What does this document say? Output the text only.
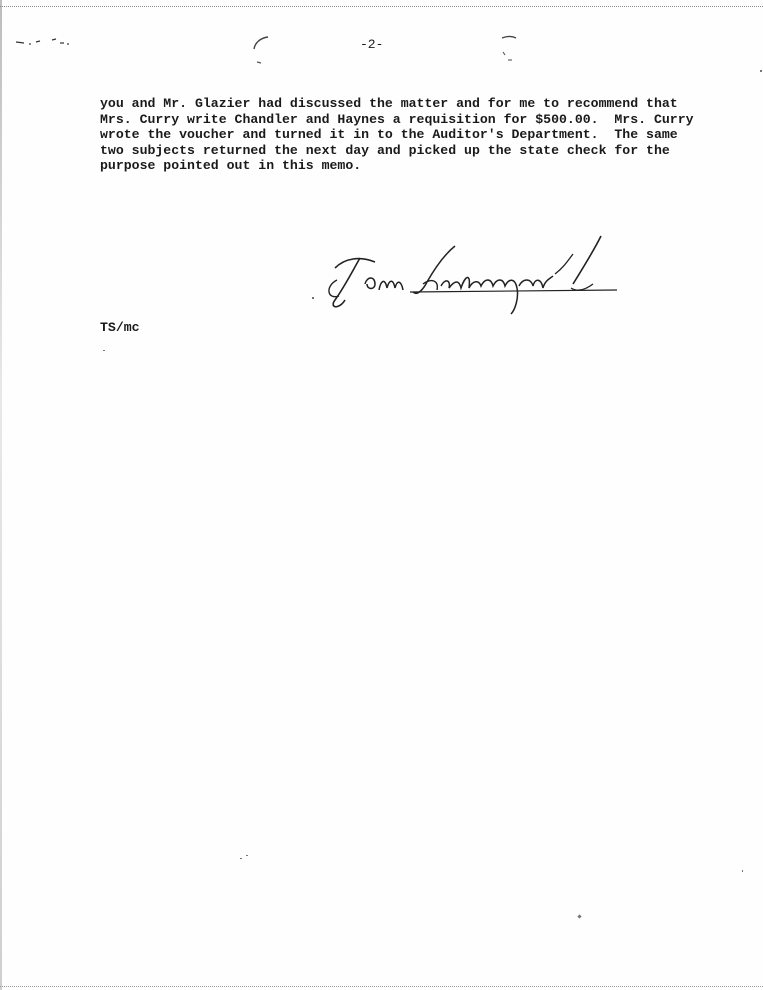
-2-
you and Mr. Glazier had discussed the matter and for me to recommend that
Mrs. Curry write Chandler and Haynes a requisition for $500.00.  Mrs. Curry
wrote the voucher and turned it in to the Auditor's Department.  The same
two subjects returned the next day and picked up the state check for the
purpose pointed out in this memo.
TS/mc
